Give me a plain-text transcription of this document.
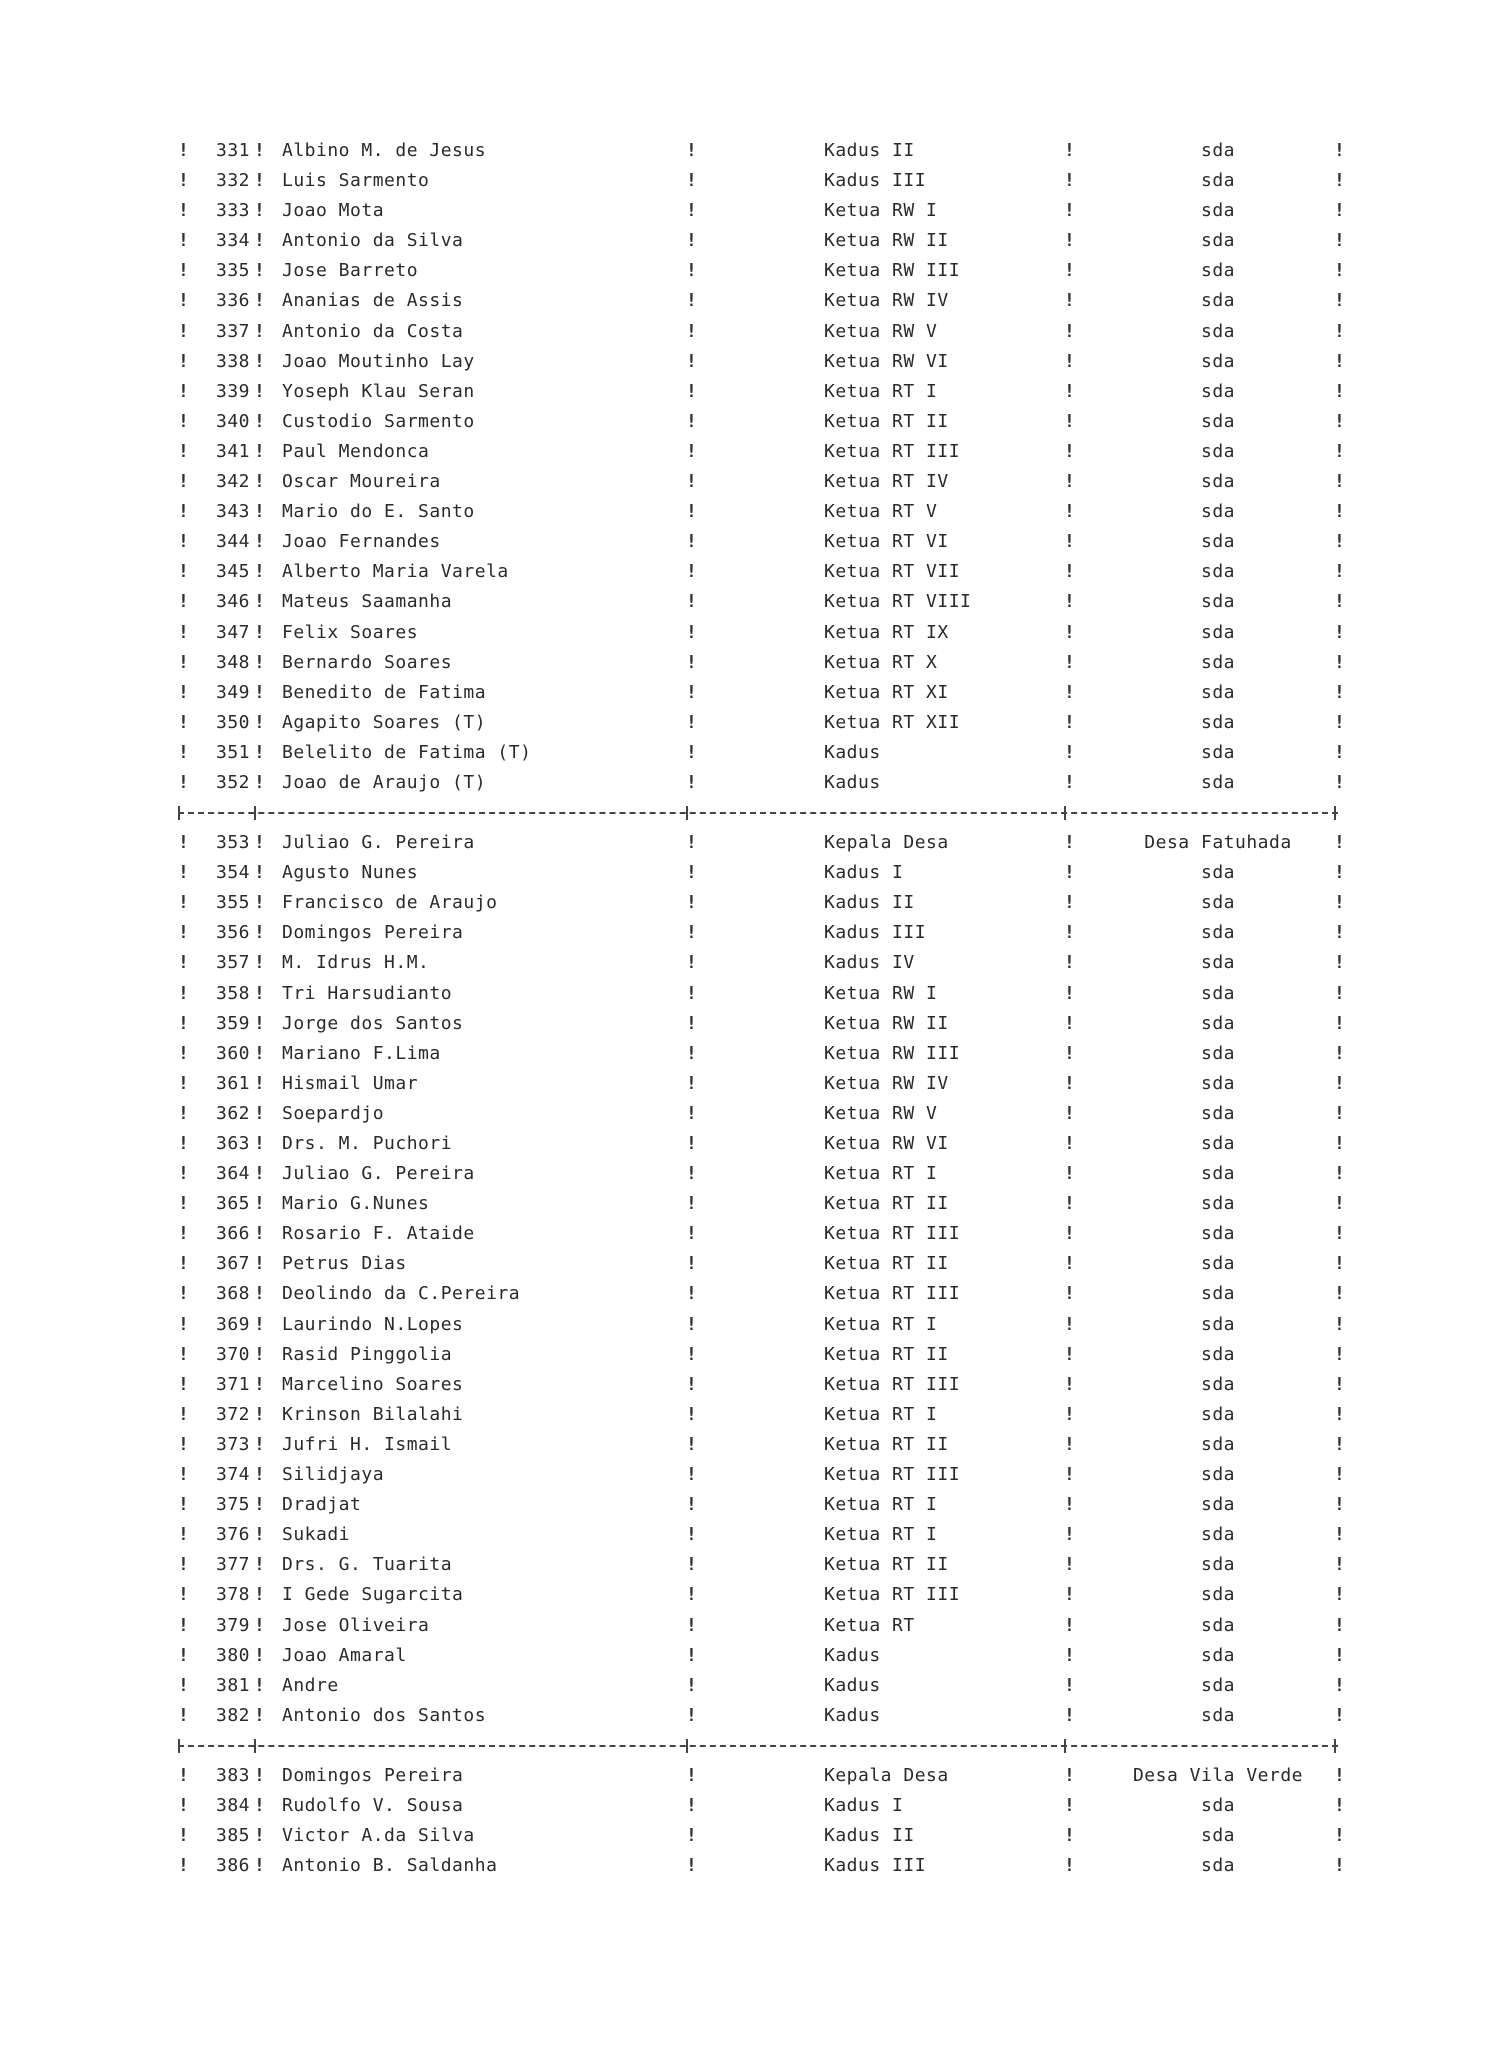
!	!	!	!	!
331 Albino M. de Jesus	Kadus II	sda
!	!	!	!	!
332 Luis Sarmento	Kadus III	sda
!	!	!	!	!
333 Joao Mota	Ketua RW I	sda
!	!	!	!	!
334 Antonio da Silva	Ketua RW II	sda
!	!	!	!	!
335 Jose Barreto	Ketua RW III	sda
!	!	!	!	!
336 Ananias de Assis	Ketua RW IV	sda
!	!	!	!	!
337 Antonio da Costa	Ketua RW V	sda
!	!	!	!	!
338 Joao Moutinho Lay	Ketua RW VI	sda
!	!	!	!	!
339 Yoseph Klau Seran	Ketua RT I	sda
!	!	!	!	!
340 Custodio Sarmento	Ketua RT II	sda
!	!	!	!	!
341 Paul Mendonca	Ketua RT III	sda
!	!	!	!	!
342 Oscar Moureira	Ketua RT IV	sda
!	!	!	!	!
343 Mario do E. Santo	Ketua RT V	sda
!	!	!	!	!
344 Joao Fernandes	Ketua RT VI	sda
!	!	!	!	!
345 Alberto Maria Varela	Ketua RT VII	sda
!	!	!	!	!
346 Mateus Saamanha	Ketua RT VIII	sda
!	!	!	!	!
347 Felix Soares	Ketua RT IX	sda
!	!	!	!	!
348 Bernardo Soares	Ketua RT X	sda
!	!	!	!	!
349 Benedito de Fatima	Ketua RT XI	sda
!	!	!	!	!
350 Agapito Soares (T)	Ketua RT XII	sda
!	!	!	!	!
351 Belelito de Fatima (T)	Kadus	sda
!	!	!	!	!
352 Joao de Araujo (T)	Kadus	sda
!	!	!	!	!
353 Juliao G. Pereira	Kepala Desa	Desa Fatuhada
!	!	!	!	!
354 Agusto Nunes	Kadus I	sda
!	!	!	!	!
355 Francisco de Araujo	Kadus II	sda
!	!	!	!	!
356 Domingos Pereira	Kadus III	sda
!	!	!	!	!
357 M. Idrus H.M.	Kadus IV	sda
!	!	!	!	!
358 Tri Harsudianto	Ketua RW I	sda
!	!	!	!	!
359 Jorge dos Santos	Ketua RW II	sda
!	!	!	!	!
360 Mariano F.Lima	Ketua RW III	sda
!	!	!	!	!
361 Hismail Umar	Ketua RW IV	sda
!	!	!	!	!
362 Soepardjo	Ketua RW V	sda
!	!	!	!	!
363 Drs. M. Puchori	Ketua RW VI	sda
!	!	!	!	!
364 Juliao G. Pereira	Ketua RT I	sda
!	!	!	!	!
365 Mario G.Nunes	Ketua RT II	sda
!	!	!	!	!
366 Rosario F. Ataide	Ketua RT III	sda
!	!	!	!	!
367 Petrus Dias	Ketua RT II	sda
!	!	!	!	!
368 Deolindo da C.Pereira	Ketua RT III	sda
!	!	!	!	!
369 Laurindo N.Lopes	Ketua RT I	sda
!	!	!	!	!
370 Rasid Pinggolia	Ketua RT II	sda
!	!	!	!	!
371 Marcelino Soares	Ketua RT III	sda
!	!	!	!	!
372 Krinson Bilalahi	Ketua RT I	sda
!	!	!	!	!
373 Jufri H. Ismail	Ketua RT II	sda
!	!	!	!	!
374 Silidjaya	Ketua RT III	sda
!	!	!	!	!
375 Dradjat	Ketua RT I	sda
!	!	!	!	!
376 Sukadi	Ketua RT I	sda
!	!	!	!	!
377 Drs. G. Tuarita	Ketua RT II	sda
!	!	!	!	!
378 I Gede Sugarcita	Ketua RT III	sda
!	!	!	!	!
379 Jose Oliveira	Ketua RT	sda
!	!	!	!	!
380 Joao Amaral	Kadus	sda
!	!	!	!	!
381 Andre	Kadus	sda
!	!	!	!	!
382 Antonio dos Santos	Kadus	sda
!	!	!	!	!
383 Domingos Pereira	Kepala Desa	Desa Vila Verde
!	!	!	!	!
384 Rudolfo V. Sousa	Kadus I	sda
!	!	!	!	!
385 Victor A.da Silva	Kadus II	sda
!	!	!	!	!
386 Antonio B. Saldanha	Kadus III	sda
